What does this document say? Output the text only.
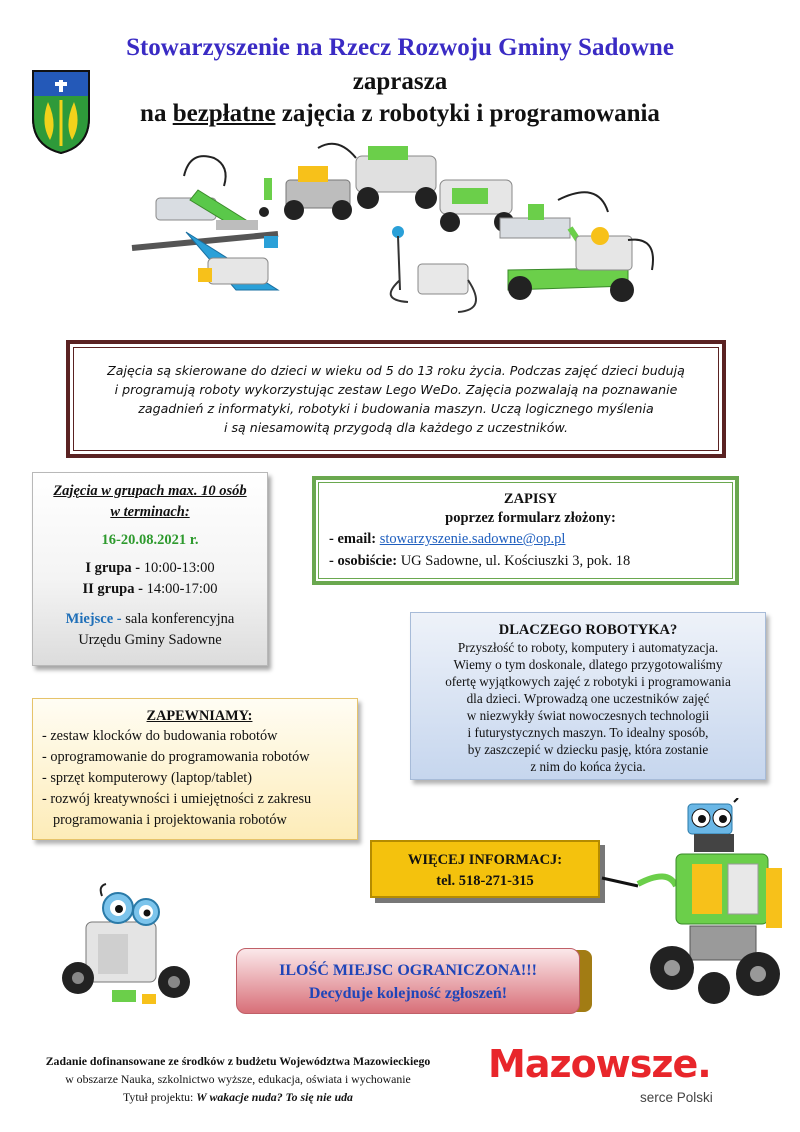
Stowarzyszenie na Rzecz Rozwoju Gminy Sadowne
zaprasza
na bezpłatne zajęcia z robotyki i programowania

Zajęcia są skierowane do dzieci w wieku od 5 do 13 roku życia. Podczas zajęć dzieci budują
i programują roboty wykorzystując zestaw Lego WeDo. Zajęcia pozwalają na poznawanie
zagadnień z informatyki, robotyki i budowania maszyn. Uczą logicznego myślenia
i są niesamowitą przygodą dla każdego z uczestników.

Zajęcia w grupach max. 10 osób
w terminach:
16-20.08.2021 r.
I grupa - 10:00-13:00
II grupa - 14:00-17:00
Miejsce - sala konferencyjna
Urzędu Gminy Sadowne
ZAPISY
poprzez formularz złożony:
- email: stowarzyszenie.sadowne@op.pl
- osobiście: UG Sadowne, ul. Kościuszki 3, pok. 18
DLACZEGO ROBOTYKA?
Przyszłość to roboty, komputery i automatyzacja.
Wiemy o tym doskonale, dlatego przygotowaliśmy
ofertę wyjątkowych zajęć z robotyki i programowania
dla dzieci. Wprowadzą one uczestników zajęć
w niezwykły świat nowoczesnych technologii
i futurystycznych maszyn. To idealny sposób,
by zaszczepić w dziecku pasję, która zostanie
z nim do końca życia.
ZAPEWNIAMY:
- zestaw klocków do budowania robotów
- oprogramowanie do programowania robotów
- sprzęt komputerowy (laptop/tablet)
- rozwój kreatywności i umiejętności z zakresu
programowania i projektowania robotów
WIĘCEJ INFORMACJ:
tel. 518-271-315
ILOŚĆ MIEJSC OGRANICZONA!!!
Decyduje kolejność zgłoszeń!
Zadanie dofinansowane ze środków z budżetu Województwa Mazowieckiego
w obszarze Nauka, szkolnictwo wyższe, edukacja, oświata i wychowanie
Tytuł projektu: W wakacje nuda? To się nie uda
Mazowsze.
serce Polski
